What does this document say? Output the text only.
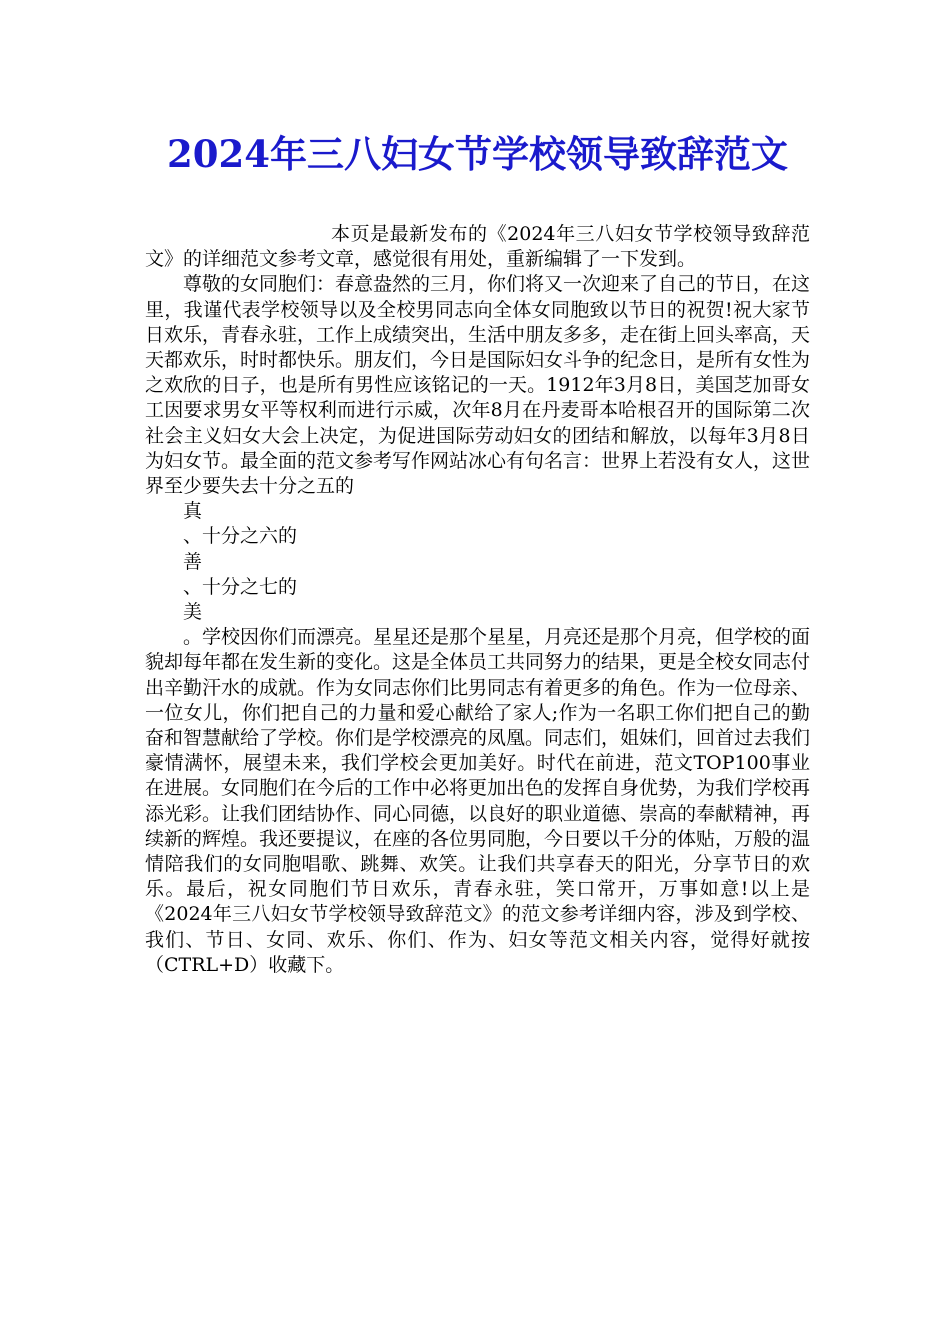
2024年三八妇女节学校领导致辞范文

本页是最新发布的《2024年三八妇女节学校领导致辞范文》的详细范文参考文章，感觉很有用处，重新编辑了一下发到。

尊敬的女同胞们：春意盎然的三月，你们将又一次迎来了自己的节日，在这里，我谨代表学校领导以及全校男同志向全体女同胞致以节日的祝贺!祝大家节日欢乐，青春永驻，工作上成绩突出，生活中朋友多多，走在街上回头率高，天天都欢乐，时时都快乐。朋友们，今日是国际妇女斗争的纪念日，是所有女性为之欢欣的日子，也是所有男性应该铭记的一天。1912年3月8日，美国芝加哥女工因要求男女平等权利而进行示威，次年8月在丹麦哥本哈根召开的国际第二次社会主义妇女大会上决定，为促进国际劳动妇女的团结和解放，以每年3月8日为妇女节。最全面的范文参考写作网站冰心有句名言：世界上若没有女人，这世界至少要失去十分之五的

真

、十分之六的

善

、十分之七的

美

。学校因你们而漂亮。星星还是那个星星，月亮还是那个月亮，但学校的面貌却每年都在发生新的变化。这是全体员工共同努力的结果，更是全校女同志付出辛勤汗水的成就。作为女同志你们比男同志有着更多的角色。作为一位母亲、一位女儿，你们把自己的力量和爱心献给了家人;作为一名职工你们把自己的勤奋和智慧献给了学校。你们是学校漂亮的凤凰。同志们，姐妹们，回首过去我们豪情满怀，展望未来，我们学校会更加美好。时代在前进，范文TOP100事业在进展。女同胞们在今后的工作中必将更加出色的发挥自身优势，为我们学校再添光彩。让我们团结协作、同心同德，以良好的职业道德、崇高的奉献精神，再续新的辉煌。我还要提议，在座的各位男同胞，今日要以千分的体贴，万般的温情陪我们的女同胞唱歌、跳舞、欢笑。让我们共享春天的阳光，分享节日的欢乐。最后，祝女同胞们节日欢乐，青春永驻，笑口常开，万事如意!以上是《2024年三八妇女节学校领导致辞范文》的范文参考详细内容，涉及到学校、我们、节日、女同、欢乐、你们、作为、妇女等范文相关内容，觉得好就按（CTRL+D）收藏下。
